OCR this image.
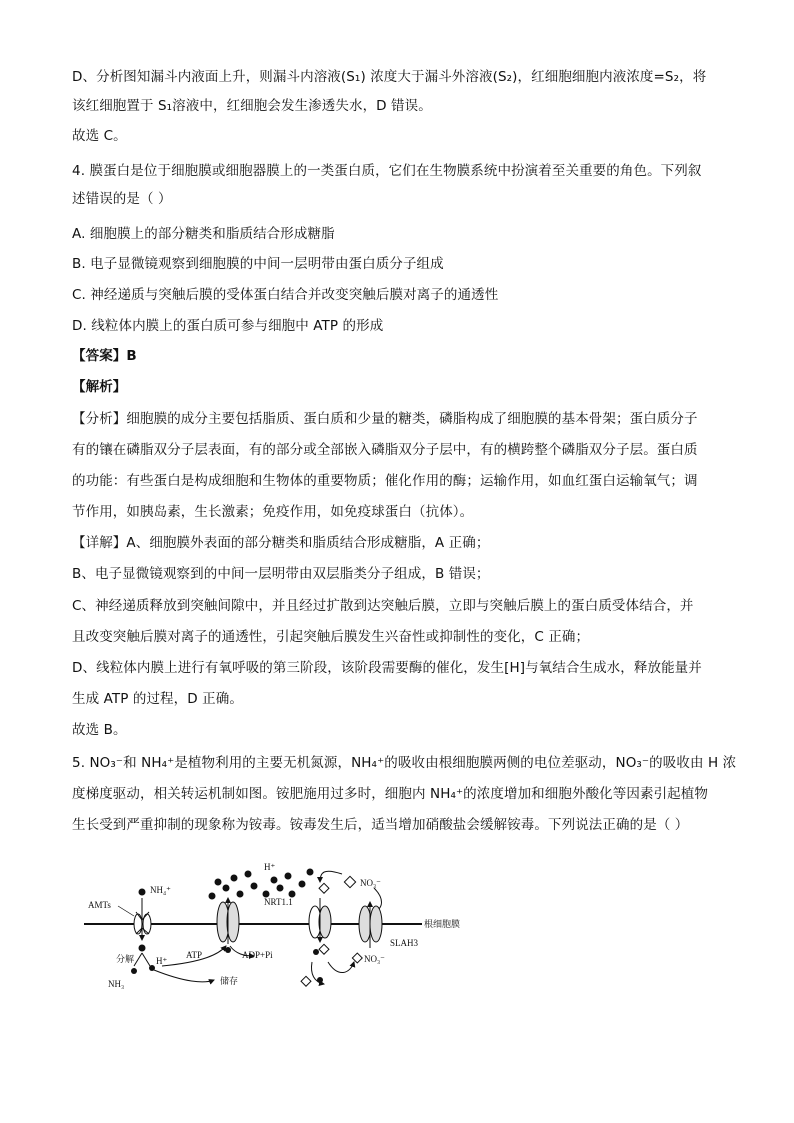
D、分析图知漏斗内液面上升，则漏斗内溶液(S₁) 浓度大于漏斗外溶液(S₂)，红细胞细胞内液浓度=S₂，将
该红细胞置于 S₁溶液中，红细胞会发生渗透失水，D 错误。
故选 C。
4. 膜蛋白是位于细胞膜或细胞器膜上的一类蛋白质，它们在生物膜系统中扮演着至关重要的角色。下列叙
述错误的是（ ）
A. 细胞膜上的部分糖类和脂质结合形成糖脂
B. 电子显微镜观察到细胞膜的中间一层明带由蛋白质分子组成
C. 神经递质与突触后膜的受体蛋白结合并改变突触后膜对离子的通透性
D. 线粒体内膜上的蛋白质可参与细胞中 ATP 的形成
【答案】B
【解析】
【分析】细胞膜的成分主要包括脂质、蛋白质和少量的糖类，磷脂构成了细胞膜的基本骨架；蛋白质分子
有的镶在磷脂双分子层表面，有的部分或全部嵌入磷脂双分子层中，有的横跨整个磷脂双分子层。蛋白质
的功能：有些蛋白是构成细胞和生物体的重要物质；催化作用的酶；运输作用，如血红蛋白运输氧气；调
节作用，如胰岛素，生长激素；免疫作用，如免疫球蛋白（抗体）。
【详解】A、细胞膜外表面的部分糖类和脂质结合形成糖脂，A 正确；
B、电子显微镜观察到的中间一层明带由双层脂类分子组成，B 错误；
C、神经递质释放到突触间隙中，并且经过扩散到达突触后膜，立即与突触后膜上的蛋白质受体结合，并
且改变突触后膜对离子的通透性，引起突触后膜发生兴奋性或抑制性的变化，C 正确；
D、线粒体内膜上进行有氧呼吸的第三阶段，该阶段需要酶的催化，发生[H]与氧结合生成水，释放能量并
生成 ATP 的过程，D 正确。
故选 B。
5. NO₃⁻和 NH₄⁺是植物利用的主要无机氮源，NH₄⁺的吸收由根细胞膜两侧的电位差驱动，NO₃⁻的吸收由 H 浓
度梯度驱动，相关转运机制如图。铵肥施用过多时，细胞内 NH₄⁺的浓度增加和细胞外酸化等因素引起植物
生长受到严重抑制的现象称为铵毒。铵毒发生后，适当增加硝酸盐会缓解铵毒。下列说法正确的是（ ）
根细胞膜
AMTs
NH₄⁺
分解 H⁺
NH₃
ATP	ADP+Pi
储存
H⁺
NRT1.1
NO₃⁻
SLAH3
NO₃⁻
